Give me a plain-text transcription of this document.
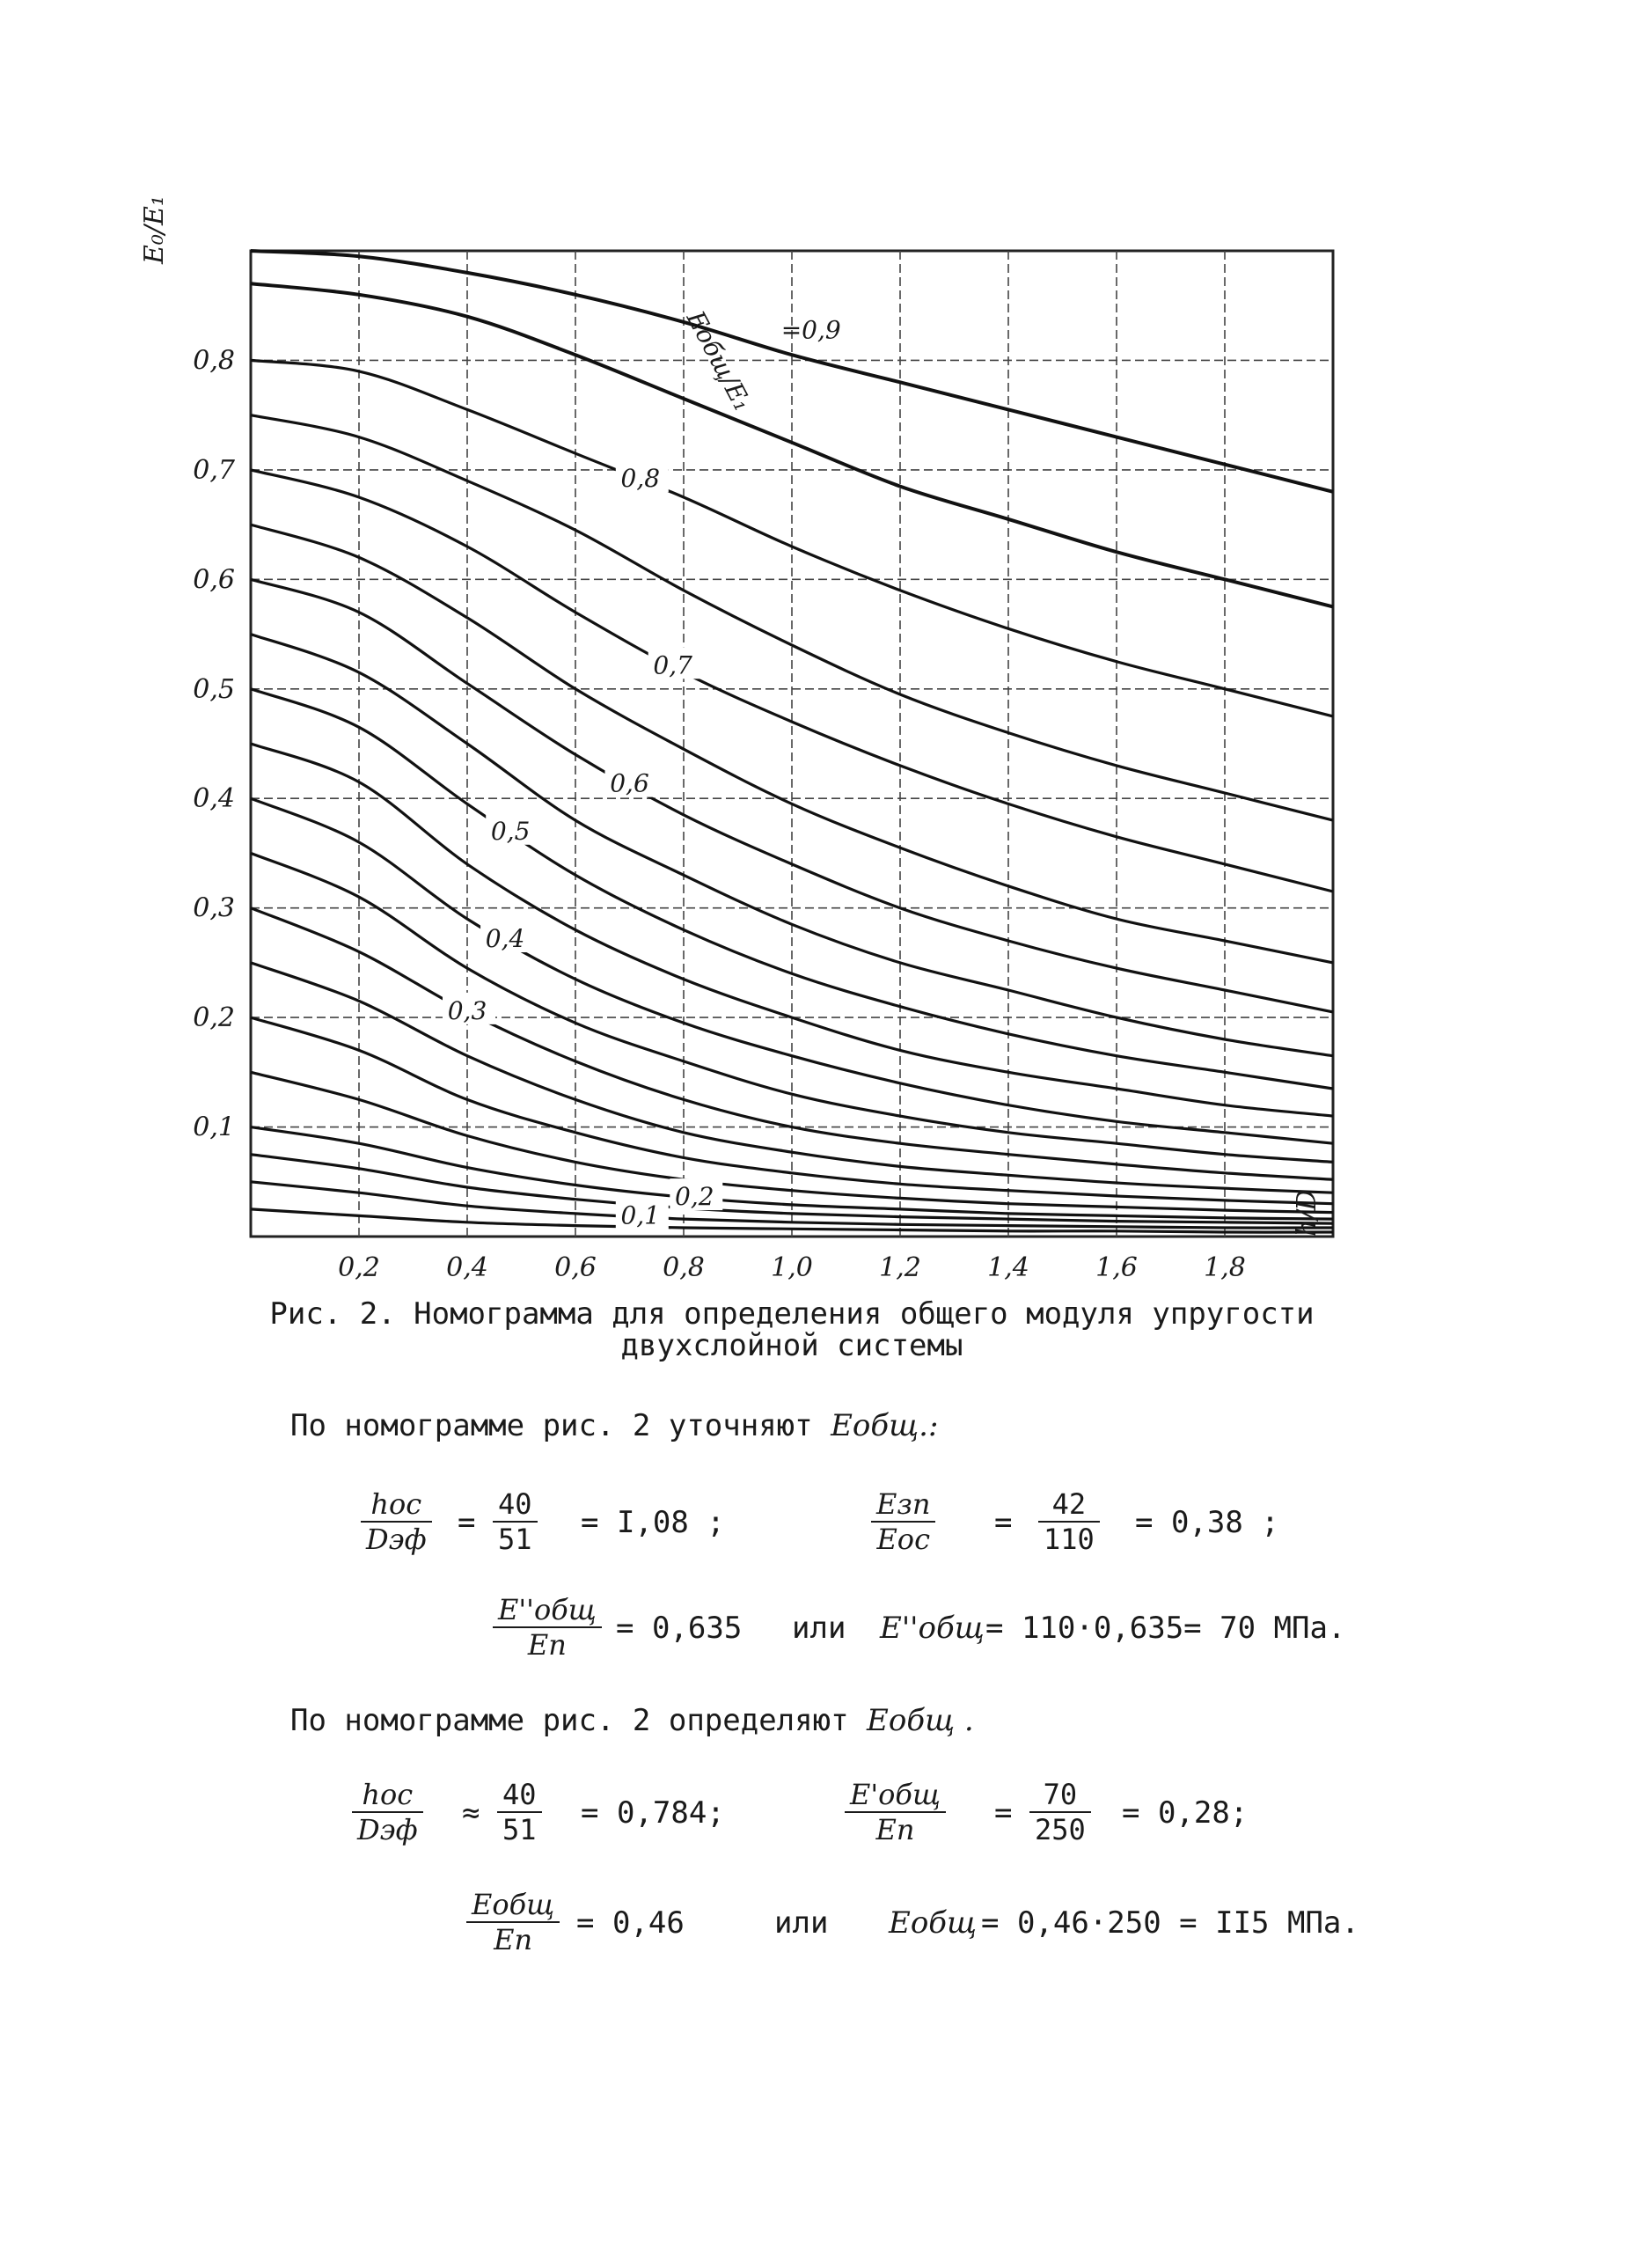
0,2	0,4	0,6	0,8	1,0	1,2	1,4	1,6	1,8
0,1
0,2
0,3
0,4
0,5
0,6
0,7
0,8
=0,9
0,8
0,7
0,6
0,5
0,4
0,3
0,2
0,1
E₀/E₁
h/D
Eобщ/E₁
Рис. 2. Номограмма для определения общего модуля упругости
двухслойной системы
По номограмме рис. 2 уточняют Eобщ.:
hос
Dэф = $\frac{40}{51} = I,08$ ;
Eзп
Eос = $\frac{42}{110} = 0,38$ ;
E''общ
Eп	= 0,635 или E''общ = 110·0,635= 70 МПа.
По номограмме рис. 2 определяют Eобщ .
hос
Dэф ≈ $\frac{40}{51} = 0,784$;
E'общ
Eп	= $\frac{70}{250} = 0,28$;
Eобщ
Eп	= 0,46	или Eобщ = 0,46·250 = II5 МПа.
